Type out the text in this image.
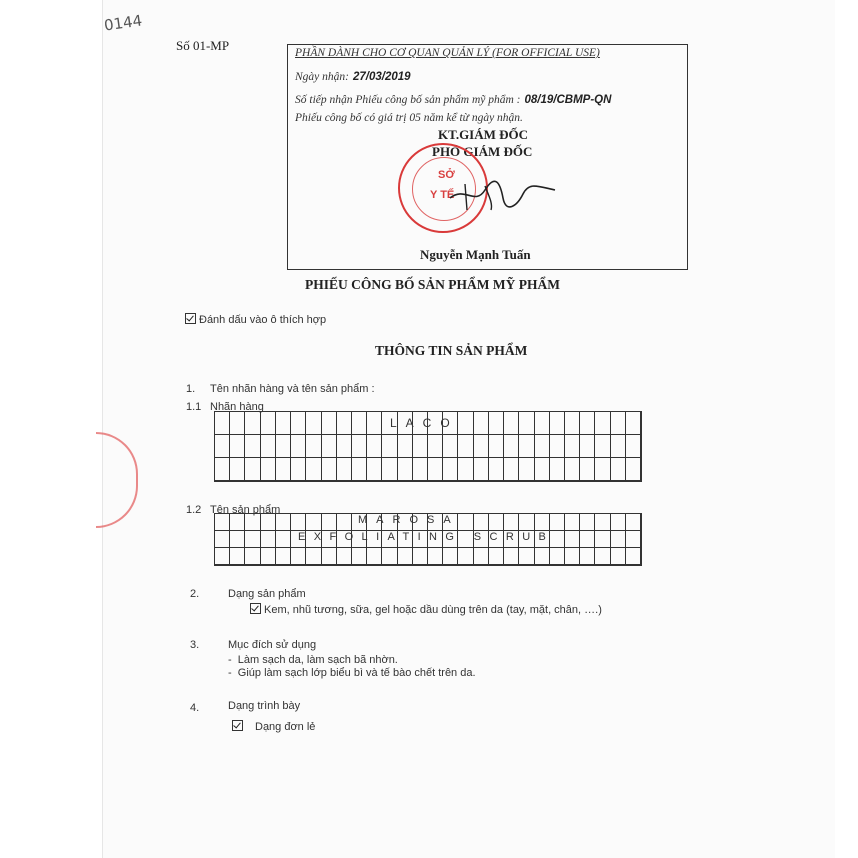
0144
Số 01-MP	PHẦN DÀNH CHO CƠ QUAN QUẢN LÝ (FOR OFFICIAL USE)
Ngày nhận: 27/03/2019
Số tiếp nhận Phiếu công bố sản phẩm mỹ phẩm : 08/19/CBMP-QN
Phiếu công bố có giá trị 05 năm kể từ ngày nhận.
KT.GIÁM ĐỐC
PHÓ GIÁM ĐỐC
SỞ
Y TẾ
Nguyễn Mạnh Tuấn
PHIẾU CÔNG BỐ SẢN PHẨM MỸ PHẨM
Đánh dấu vào ô thích hợp
THÔNG TIN SẢN PHẨM
1. Tên nhãn hàng và tên sản phẩm :
1.1 Nhãn hàng
LACO
1.2 Tên sản phẩm
MAROSA
EXFOLIATING SCRUB
2.	Dạng sản phẩm
Kem, nhũ tương, sữa, gel hoặc dầu dùng trên da (tay, mặt, chân, ….)
3.	Mục đích sử dụng
-  Làm sạch da, làm sạch bã nhờn.
-  Giúp làm sạch lớp biểu bì và tế bào chết trên da.
4.	Dạng trình bày
Dạng đơn lẻ
